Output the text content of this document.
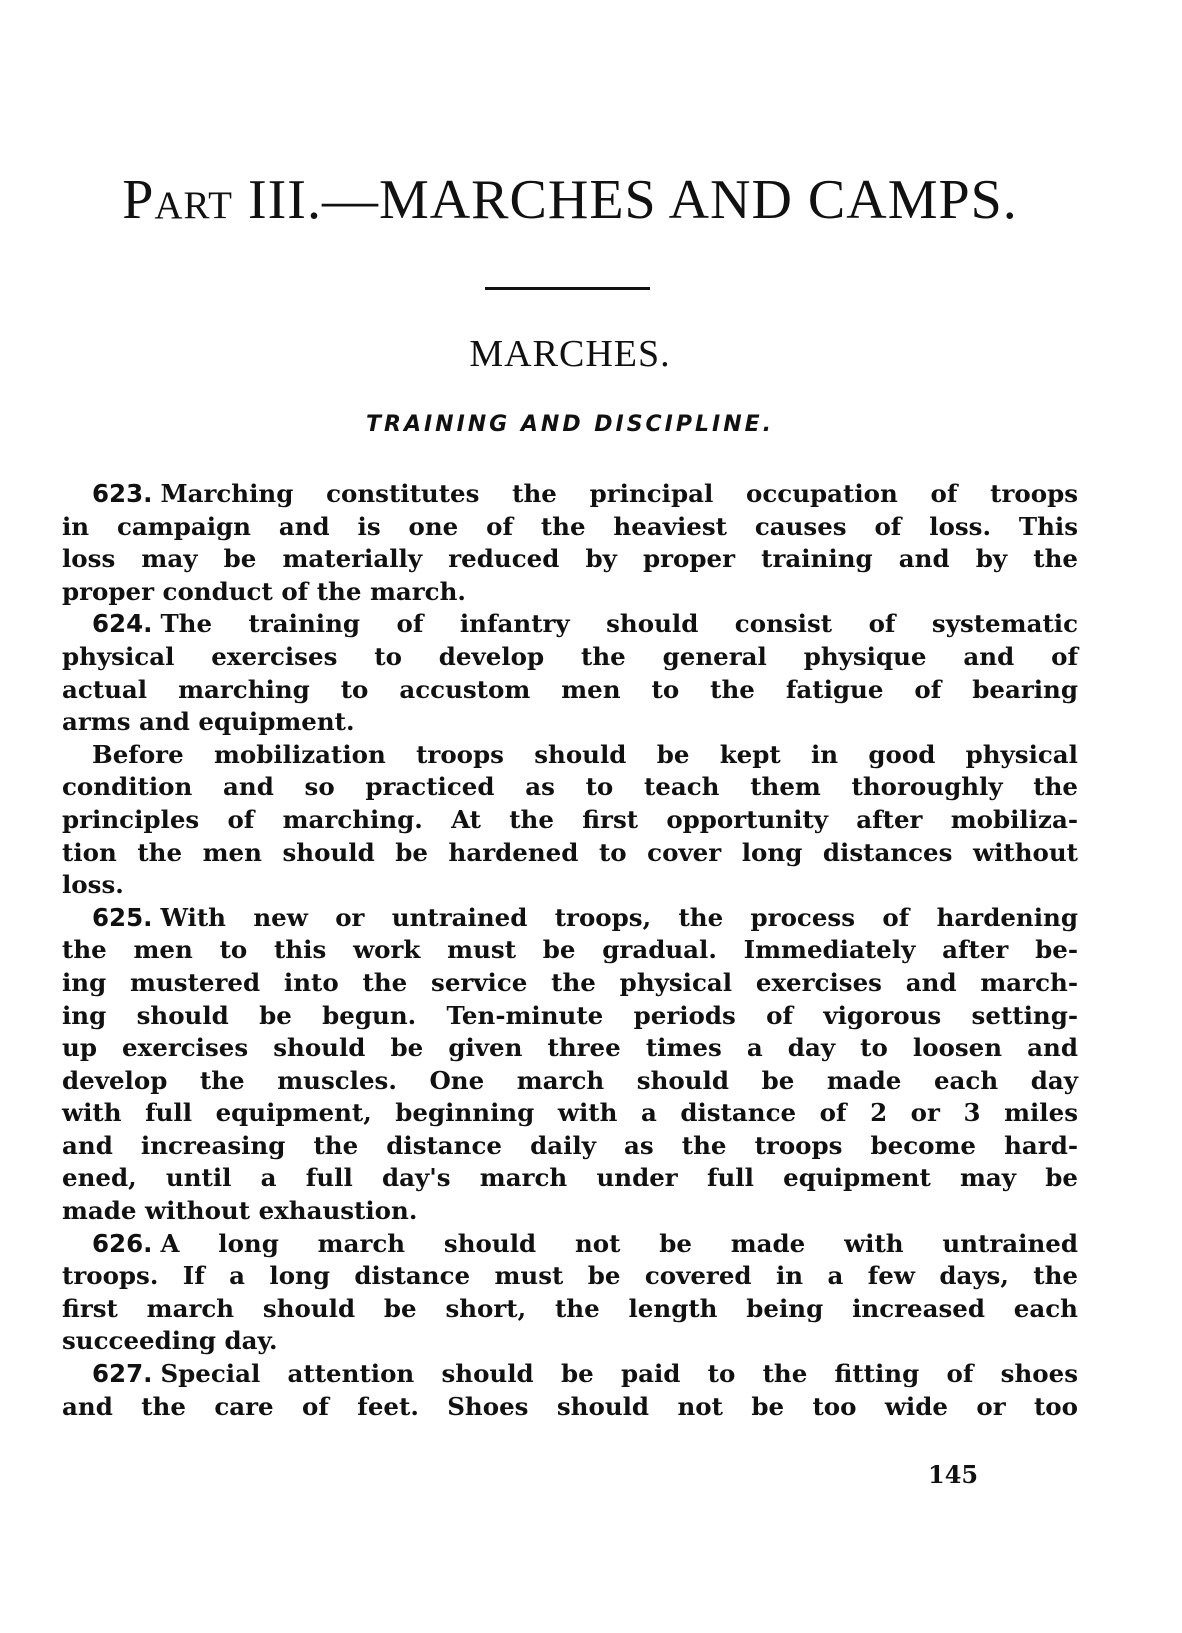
Part III.—MARCHES AND CAMPS.
MARCHES.
TRAINING AND DISCIPLINE.
623. Marching constitutes the principal occupation of troops
in campaign and is one of the heaviest causes of loss. This
loss may be materially reduced by proper training and by the
proper conduct of the march.
624. The training of infantry should consist of systematic
physical exercises to develop the general physique and of
actual marching to accustom men to the fatigue of bearing
arms and equipment.
Before mobilization troops should be kept in good physical
condition and so practiced as to teach them thoroughly the
principles of marching. At the first opportunity after mobiliza-
tion the men should be hardened to cover long distances without
loss.
625. With new or untrained troops, the process of hardening
the men to this work must be gradual. Immediately after be-
ing mustered into the service the physical exercises and march-
ing should be begun. Ten-minute periods of vigorous setting-
up exercises should be given three times a day to loosen and
develop the muscles. One march should be made each day
with full equipment, beginning with a distance of 2 or 3 miles
and increasing the distance daily as the troops become hard-
ened, until a full day's march under full equipment may be
made without exhaustion.
626. A long march should not be made with untrained
troops. If a long distance must be covered in a few days, the
first march should be short, the length being increased each
succeeding day.
627. Special attention should be paid to the fitting of shoes
and the care of feet. Shoes should not be too wide or too
145
